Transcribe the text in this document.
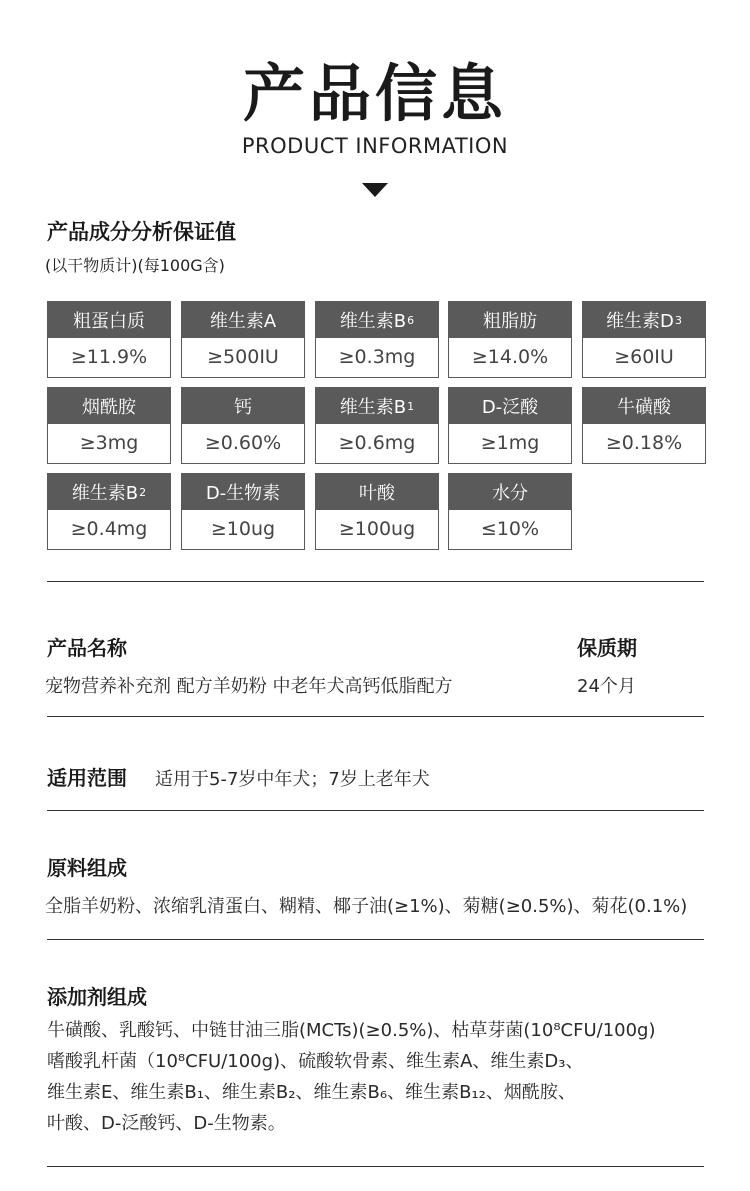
产品信息
PRODUCT INFORMATION
产品成分分析保证值
(以干物质计)(每100G含)
粗蛋白质
≥11.9%
维生素A
≥500IU
维生素B 6
≥0.3mg
粗脂肪
≥14.0%
维生素D 3
≥60IU
烟酰胺
≥3mg
钙
≥0.60%
维生素B 1
≥0.6mg
D-泛酸
≥1mg
牛磺酸
≥0.18%
维生素B 2
≥0.4mg
D-生物素
≥10ug
叶酸
≥100ug
水分
≤10%
产品名称
宠物营养补充剂 配方羊奶粉 中老年犬高钙低脂配方
保质期
24个月
适用范围 适用于5-7岁中年犬；7岁上老年犬
原料组成
全脂羊奶粉、浓缩乳清蛋白、糊精、椰子油(≥1%)、菊糖(≥0.5%)、菊花(0.1%)
添加剂组成
牛磺酸、乳酸钙、中链甘油三脂(MCTs)(≥0.5%)、枯草芽菌(10⁸CFU/100g)
嗜酸乳杆菌（10⁸CFU/100g)、硫酸软骨素、维生素A、维生素D₃、
维生素E、维生素B₁、维生素B₂、维生素B₆、维生素B₁₂、烟酰胺、
叶酸、D-泛酸钙、D-生物素。
